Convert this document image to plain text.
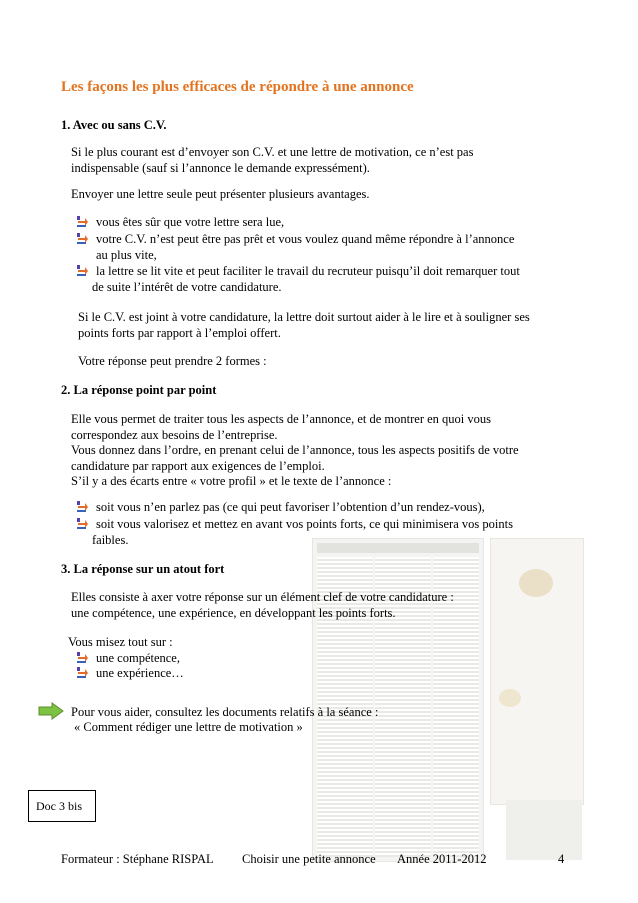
Les façons les plus efficaces de répondre à une annonce
1. Avec ou sans C.V.
Si le plus courant est d’envoyer son C.V. et une lettre de motivation, ce n’est pas
indispensable (sauf si l’annonce le demande expressément).
Envoyer une lettre seule peut présenter plusieurs avantages.
vous êtes sûr que votre lettre sera lue,
votre C.V. n’est peut être pas prêt et vous voulez quand même répondre à l’annonce
au plus vite,
la lettre se lit vite et peut faciliter le travail du recruteur puisqu’il doit remarquer tout
de suite l’intérêt de votre candidature.
Si le C.V. est joint à votre candidature, la lettre doit surtout aider à le lire et à souligner ses
points forts par rapport à l’emploi offert.
Votre réponse peut prendre 2 formes :
2. La réponse point par point
Elle vous permet de traiter tous les aspects de l’annonce, et de montrer en quoi vous
correspondez aux besoins de l’entreprise.
Vous donnez dans l’ordre, en prenant celui de l’annonce, tous les aspects positifs de votre
candidature par rapport aux exigences de l’emploi.
S’il y a des écarts entre « votre profil » et le texte de l’annonce :
soit vous n’en parlez pas (ce qui peut favoriser l’obtention d’un rendez-vous),
soit vous valorisez et mettez en avant vos points forts, ce qui minimisera vos points
faibles.
3. La réponse sur un atout fort
Elles consiste à axer votre réponse sur un élément clef de votre candidature :
une compétence, une expérience, en développant les points forts.
Vous misez tout sur :
une compétence,
une expérience…
Pour vous aider, consultez les documents relatifs à la séance :
« Comment rédiger une lettre de motivation »
Doc 3 bis
Formateur : Stéphane RISPAL Choisir une petite annonce Année 2011-2012	4
